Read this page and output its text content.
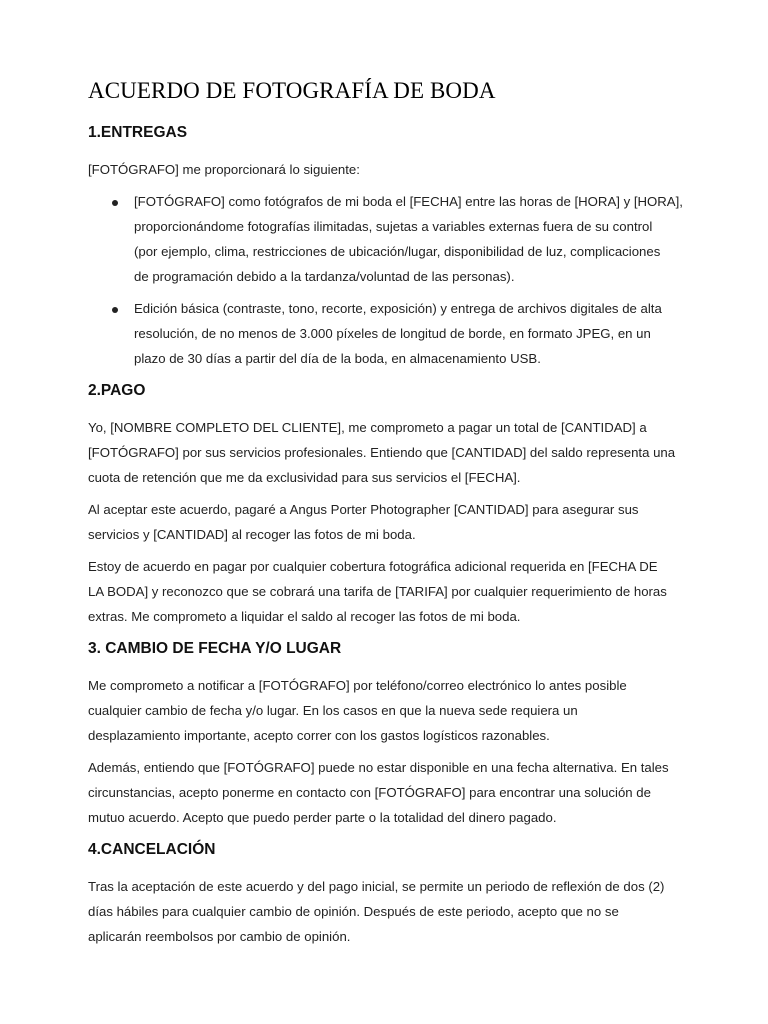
ACUERDO DE FOTOGRAFÍA DE BODA
1.ENTREGAS

[FOTÓGRAFO] me proporcionará lo siguiente:

[FOTÓGRAFO] como fotógrafos de mi boda el [FECHA] entre las horas de [HORA] y [HORA],
proporcionándome fotografías ilimitadas, sujetas a variables externas fuera de su control
(por ejemplo, clima, restricciones de ubicación/lugar, disponibilidad de luz, complicaciones
de programación debido a la tardanza/voluntad de las personas).
Edición básica (contraste, tono, recorte, exposición) y entrega de archivos digitales de alta
resolución, de no menos de 3.000 píxeles de longitud de borde, en formato JPEG, en un
plazo de 30 días a partir del día de la boda, en almacenamiento USB.
2.PAGO

Yo, [NOMBRE COMPLETO DEL CLIENTE], me comprometo a pagar un total de [CANTIDAD] a
[FOTÓGRAFO] por sus servicios profesionales. Entiendo que [CANTIDAD] del saldo representa una
cuota de retención que me da exclusividad para sus servicios el [FECHA].

Al aceptar este acuerdo, pagaré a Angus Porter Photographer [CANTIDAD] para asegurar sus
servicios y [CANTIDAD] al recoger las fotos de mi boda.

Estoy de acuerdo en pagar por cualquier cobertura fotográfica adicional requerida en [FECHA DE
LA BODA] y reconozco que se cobrará una tarifa de [TARIFA] por cualquier requerimiento de horas
extras. Me comprometo a liquidar el saldo al recoger las fotos de mi boda.

3. CAMBIO DE FECHA Y/O LUGAR

Me comprometo a notificar a [FOTÓGRAFO] por teléfono/correo electrónico lo antes posible
cualquier cambio de fecha y/o lugar. En los casos en que la nueva sede requiera un
desplazamiento importante, acepto correr con los gastos logísticos razonables.

Además, entiendo que [FOTÓGRAFO] puede no estar disponible en una fecha alternativa. En tales
circunstancias, acepto ponerme en contacto con [FOTÓGRAFO] para encontrar una solución de
mutuo acuerdo. Acepto que puedo perder parte o la totalidad del dinero pagado.

4.CANCELACIÓN

Tras la aceptación de este acuerdo y del pago inicial, se permite un periodo de reflexión de dos (2)
días hábiles para cualquier cambio de opinión. Después de este periodo, acepto que no se
aplicarán reembolsos por cambio de opinión.
